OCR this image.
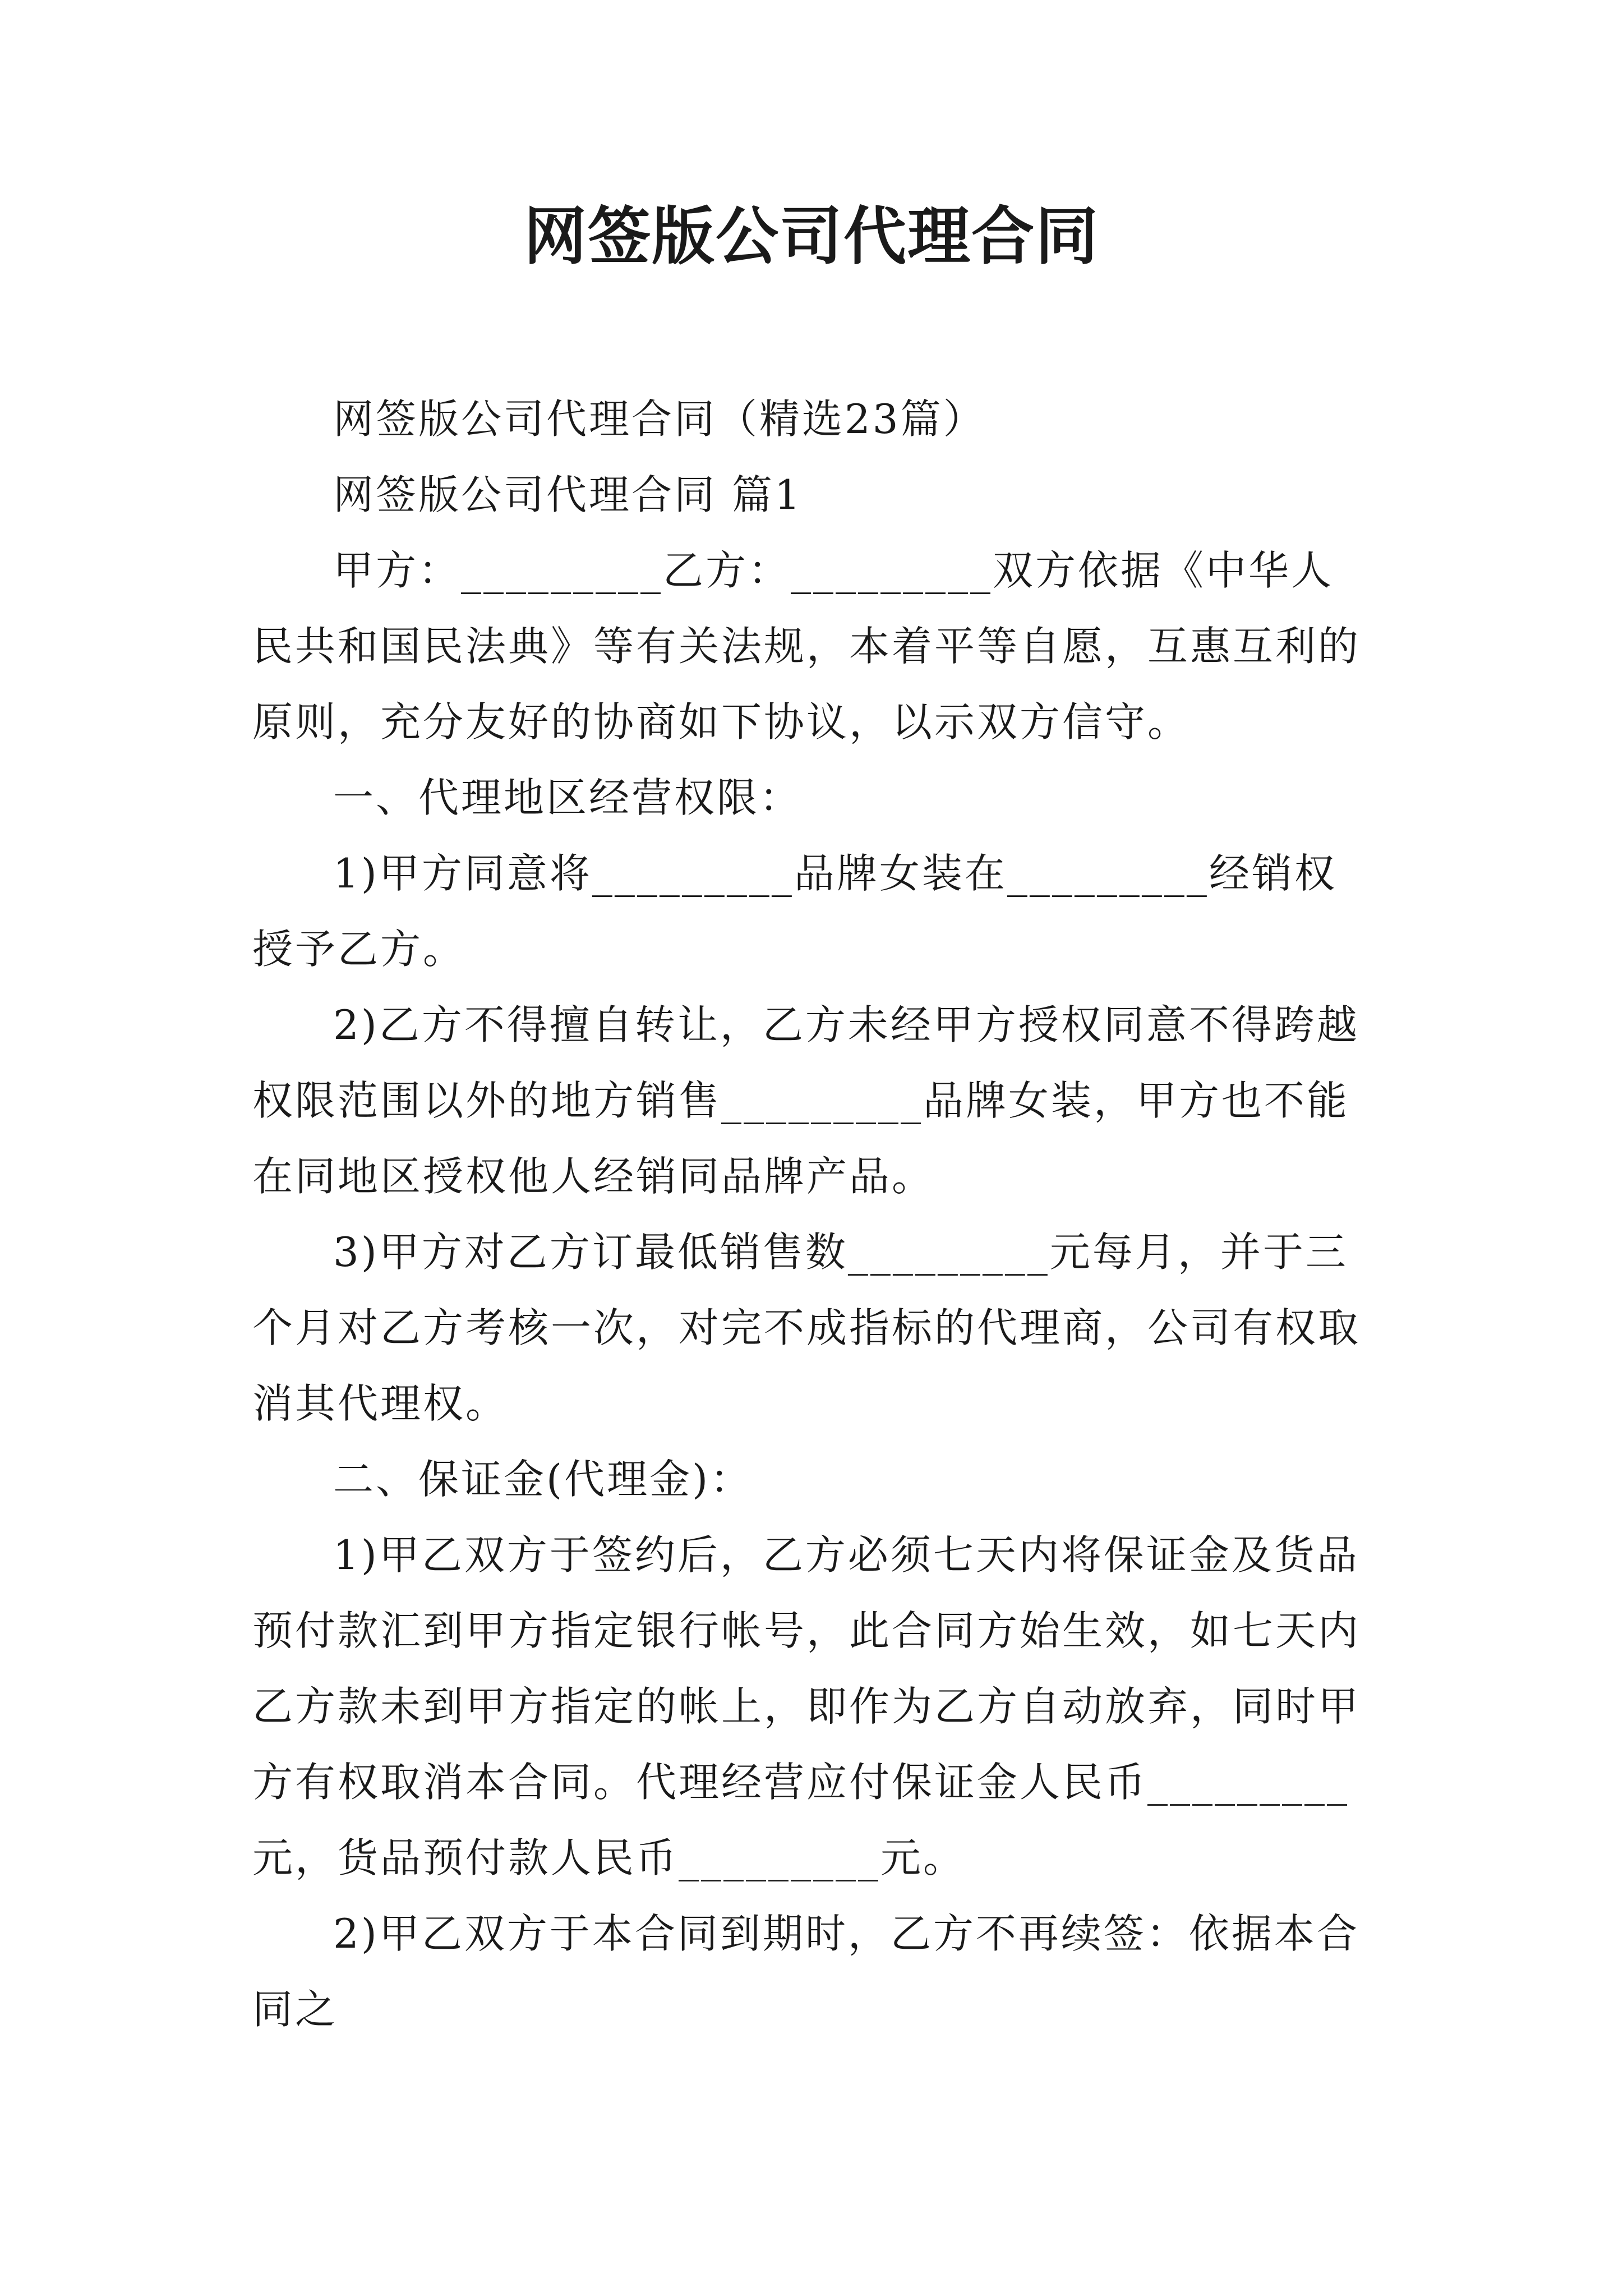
网签版公司代理合同

网签版公司代理合同（精选23篇）

网签版公司代理合同 篇1

甲方：_________乙方：_________双方依据《中华人民共和国民法典》等有关法规，本着平等自愿，互惠互利的原则，充分友好的协商如下协议，以示双方信守。

一、代理地区经营权限：

1)甲方同意将_________品牌女装在_________经销权授予乙方。

2)乙方不得擅自转让，乙方未经甲方授权同意不得跨越权限范围以外的地方销售_________品牌女装，甲方也不能在同地区授权他人经销同品牌产品。

3)甲方对乙方订最低销售数_________元每月，并于三个月对乙方考核一次，对完不成指标的代理商，公司有权取消其代理权。

二、保证金(代理金)：

1)甲乙双方于签约后，乙方必须七天内将保证金及货品预付款汇到甲方指定银行帐号，此合同方始生效，如七天内乙方款未到甲方指定的帐上，即作为乙方自动放弃，同时甲方有权取消本合同。代理经营应付保证金人民币_________元，货品预付款人民币_________元。

2)甲乙双方于本合同到期时，乙方不再续签：依据本合同之
